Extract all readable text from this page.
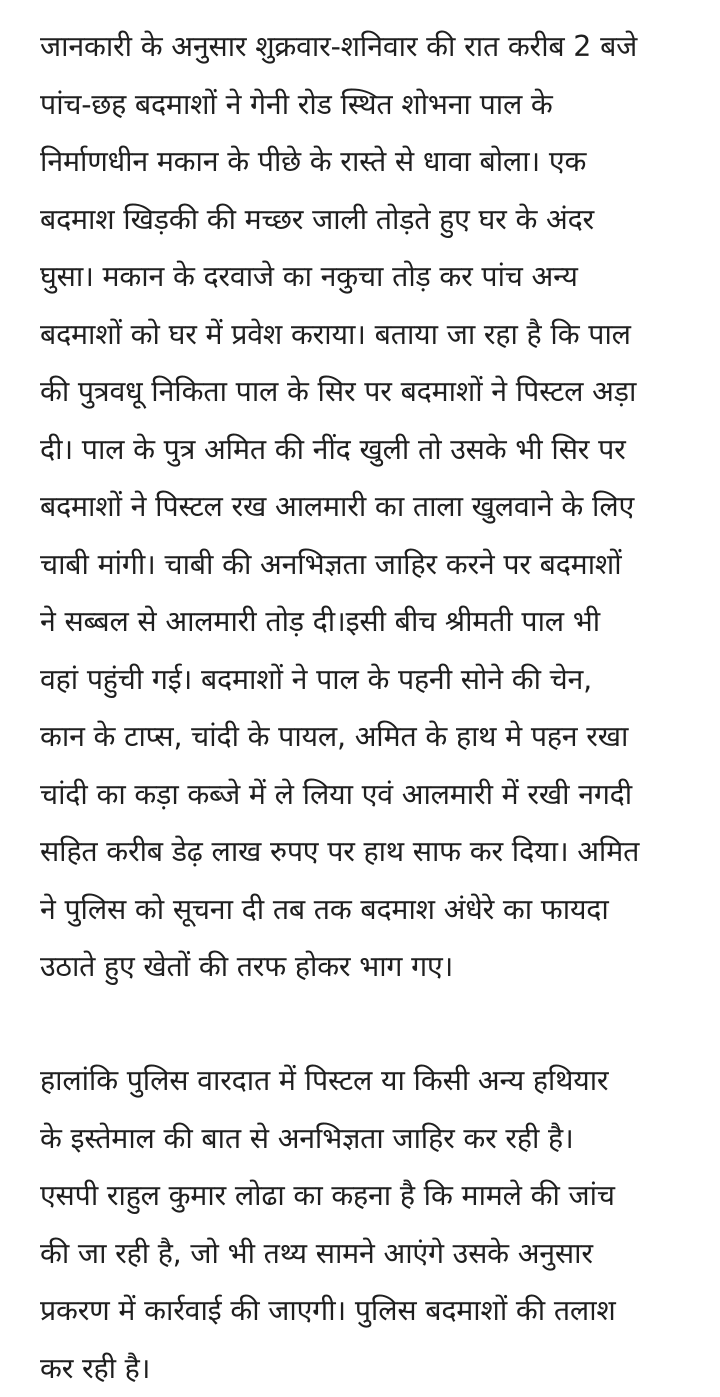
जानकारी के अनुसार शुक्रवार-शनिवार की रात करीब 2 बजे
पांच-छह बदमाशों ने गेनी रोड स्थित शोभना पाल के
निर्माणधीन मकान के पीछे के रास्ते से धावा बोला। एक
बदमाश खिड़की की मच्छर जाली तोड़ते हुए घर के अंदर
घुसा। मकान के दरवाजे का नकुचा तोड़ कर पांच अन्य
बदमाशों को घर में प्रवेश कराया। बताया जा रहा है कि पाल
की पुत्रवधू निकिता पाल के सिर पर बदमाशों ने पिस्टल अड़ा
दी। पाल के पुत्र अमित की नींद खुली तो उसके भी सिर पर
बदमाशों ने पिस्टल रख आलमारी का ताला खुलवाने के लिए
चाबी मांगी। चाबी की अनभिज्ञता जाहिर करने पर बदमाशों
ने सब्बल से आलमारी तोड़ दी।इसी बीच श्रीमती पाल भी
वहां पहुंची गई। बदमाशों ने पाल के पहनी सोने की चेन,
कान के टाप्स, चांदी के पायल, अमित के हाथ मे पहन रखा
चांदी का कड़ा कब्जे में ले लिया एवं आलमारी में रखी नगदी
सहित करीब डेढ़ लाख रुपए पर हाथ साफ कर दिया। अमित
ने पुलिस को सूचना दी तब तक बदमाश अंधेरे का फायदा
उठाते हुए खेतों की तरफ होकर भाग गए।
हालांकि पुलिस वारदात में पिस्टल या किसी अन्य हथियार
के इस्तेमाल की बात से अनभिज्ञता जाहिर कर रही है।
एसपी राहुल कुमार लोढा का कहना है कि मामले की जांच
की जा रही है, जो भी तथ्य सामने आएंगे उसके अनुसार
प्रकरण में कार्रवाई की जाएगी। पुलिस बदमाशों की तलाश
कर रही है।
